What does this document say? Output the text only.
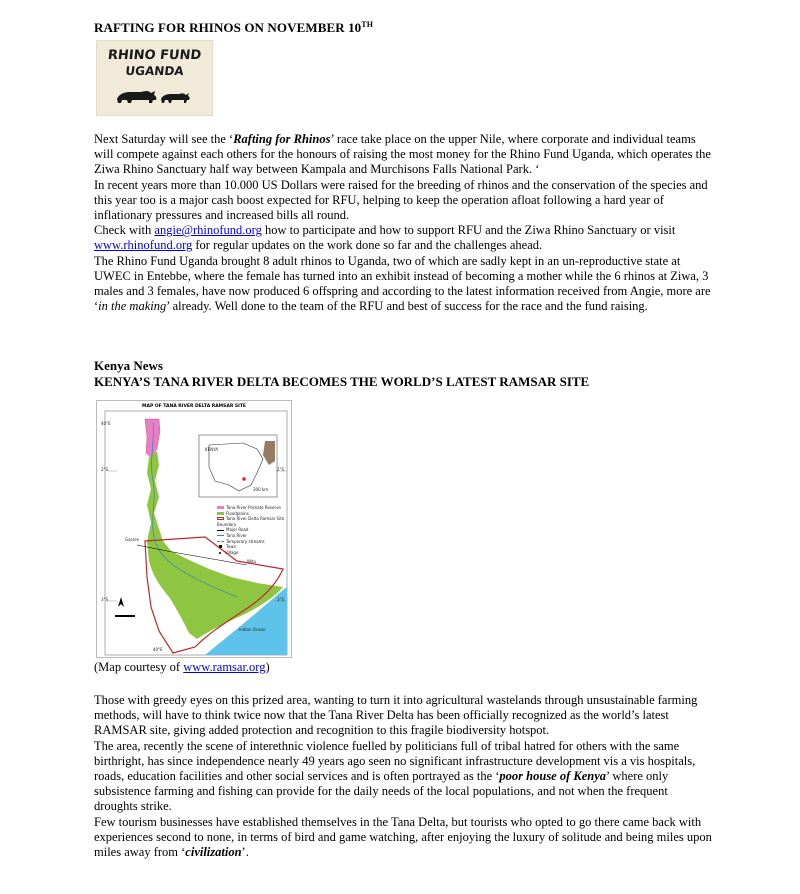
RAFTING FOR RHINOS ON NOVEMBER 10TH
RHINO FUND
UGANDA

Next Saturday will see the ‘Rafting for Rhinos’ race take place on the upper Nile, where corporate and individual teams will compete against each others for the honours of raising the most money for the Rhino Fund Uganda, which operates the Ziwa Rhino Sanctuary half way between Kampala and Murchisons Falls National Park. ‘

In recent years more than 10.000 US Dollars were raised for the breeding of rhinos and the conservation of the species and this year too is a major cash boost expected for RFU, helping to keep the operation afloat following a hard year of inflationary pressures and increased bills all round.

Check with angie@rhinofund.org how to participate and how to support RFU and the Ziwa Rhino Sanctuary or visit www.rhinofund.org for regular updates on the work done so far and the challenges ahead.

The Rhino Fund Uganda brought 8 adult rhinos to Uganda, two of which are sadly kept in an un-reproductive state at UWEC in Entebbe, where the female has turned into an exhibit instead of becoming a mother while the 6 rhinos at Ziwa, 3 males and 3 females, have now produced 6 offspring and according to the latest information received from Angie, more are ‘in the making’ already. Well done to the team of the RFU and best of success for the race and the fund raising.

Kenya News
KENYA’S TANA RIVER DELTA BECOMES THE WORLD’S LATEST RAMSAR SITE
MAP OF TANA RIVER DELTA RAMSAR SITE
40°E
2°S	2°S
3°S	3°S
40°E
KENYA
300 km
Garsen
Witu
Indian Ocean
Tana River Primate Reserve
Floodplains
Tana River Delta Ramsar Site Boundary
Major Road
Tana River
Temporary streams
Town
Village
(Map courtesy of www.ramsar.org)

Those with greedy eyes on this prized area, wanting to turn it into agricultural wastelands through unsustainable farming methods, will have to think twice now that the Tana River Delta has been officially recognized as the world’s latest RAMSAR site, giving added protection and recognition to this fragile biodiversity hotspot.

The area, recently the scene of interethnic violence fuelled by politicians full of tribal hatred for others with the same birthright, has since independence nearly 49 years ago seen no significant infrastructure development vis a vis hospitals, roads, education facilities and other social services and is often portrayed as the ‘poor house of Kenya’ where only subsistence farming and fishing can provide for the daily needs of the local populations, and not when the frequent droughts strike.

Few tourism businesses have established themselves in the Tana Delta, but tourists who opted to go there came back with experiences second to none, in terms of bird and game watching, after enjoying the luxury of solitude and being miles upon miles away from ‘civilization’.
